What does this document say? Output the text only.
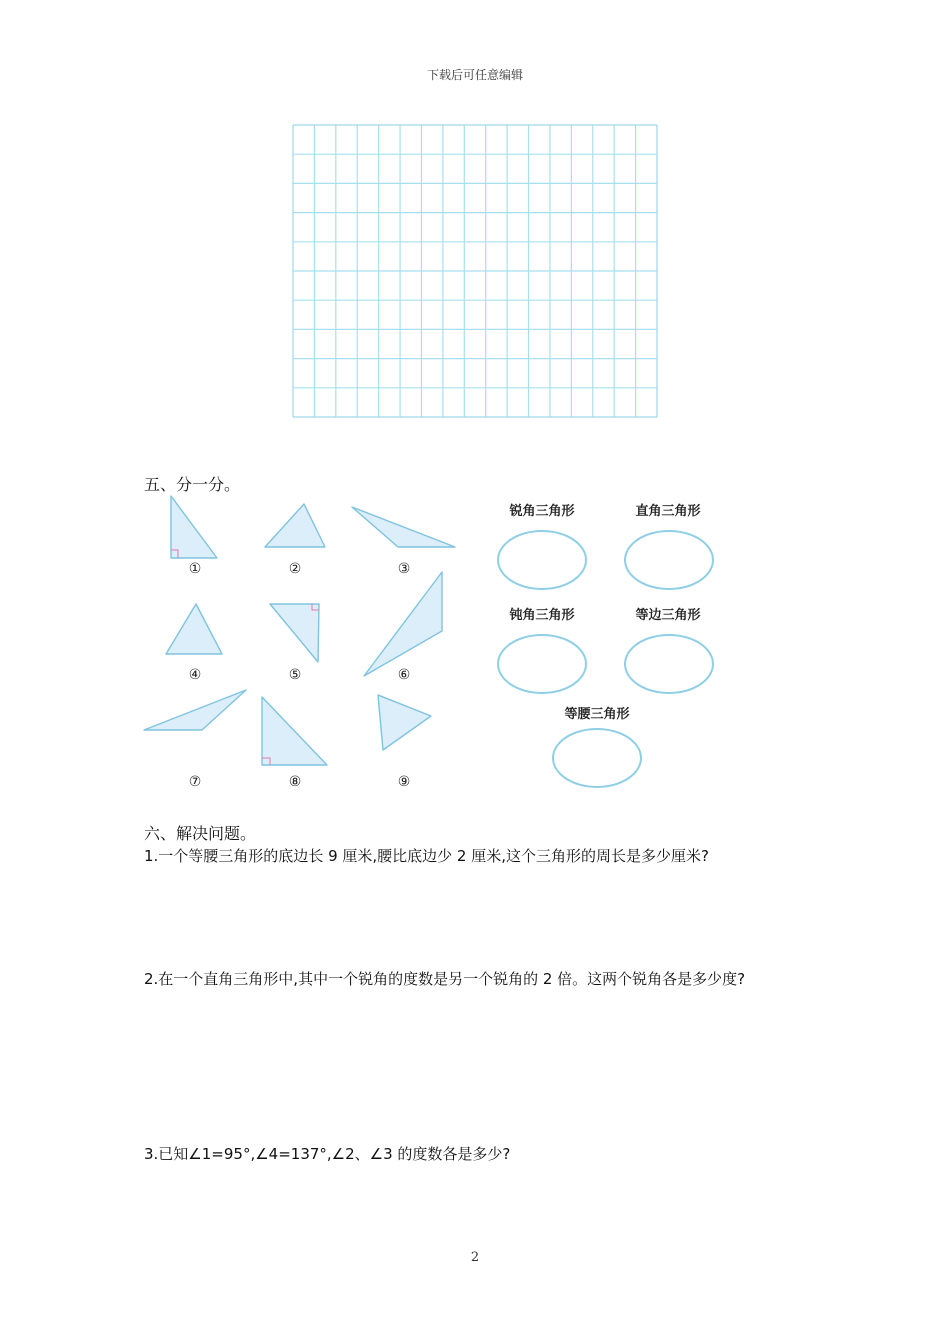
下载后可任意编辑
五、分一分。
①	②	③
④	⑤	⑥
⑦	⑧	⑨
锐角三角形	直角三角形
钝角三角形	等边三角形
等腰三角形
六、解决问题。
1.一个等腰三角形的底边长 9 厘米,腰比底边少 2 厘米,这个三角形的周长是多少厘米?
2.在一个直角三角形中,其中一个锐角的度数是另一个锐角的 2 倍。这两个锐角各是多少度?
3.已知∠1=95°,∠4=137°,∠2、∠3 的度数各是多少?
2
